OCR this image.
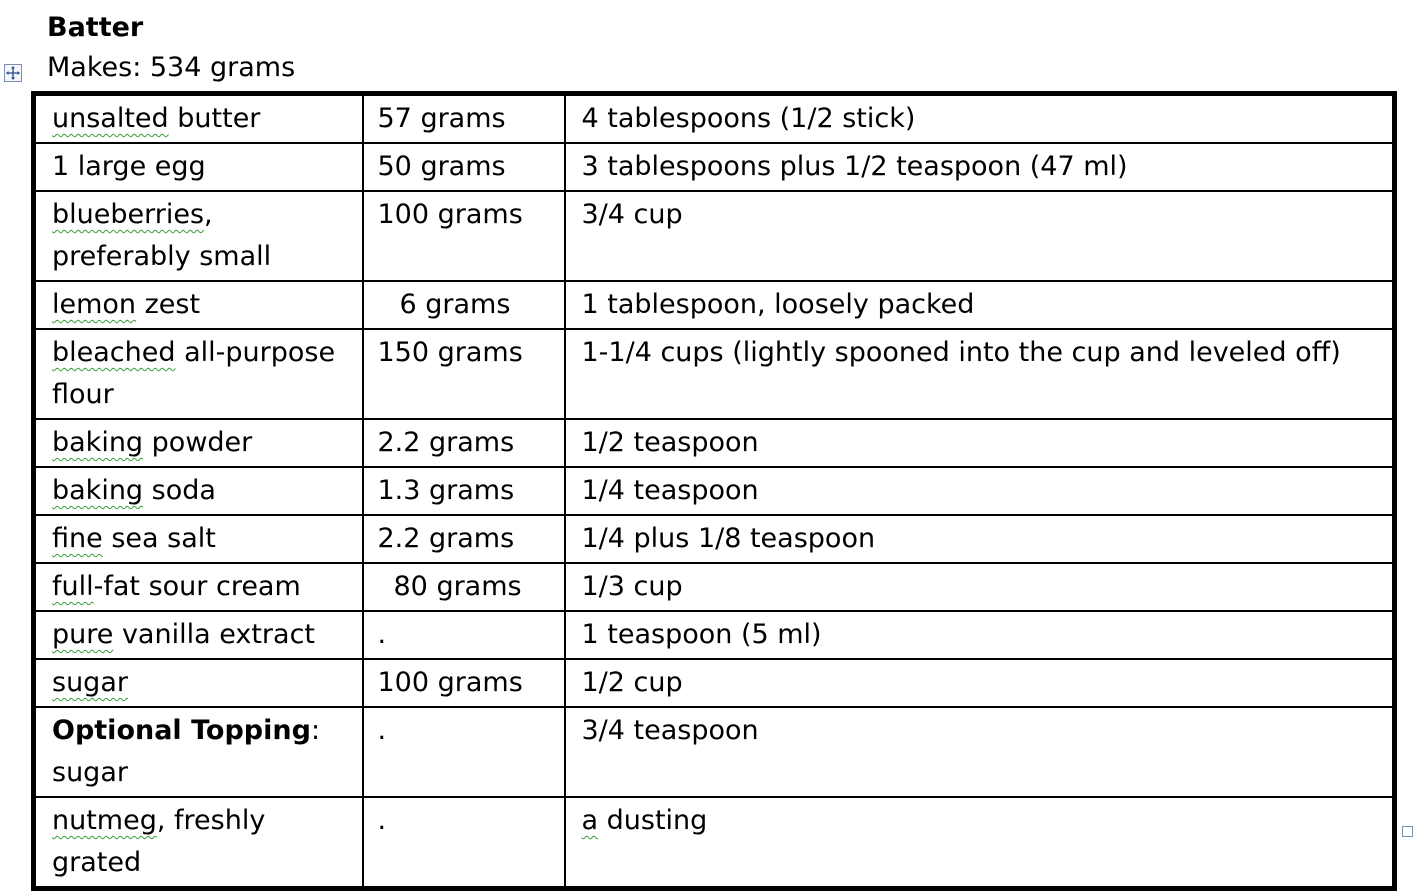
Batter
Makes: 534 grams
unsalted butter	57 grams	4 tablespoons (1/2 stick)
1 large egg	50 grams	3 tablespoons plus 1/2 teaspoon (47 ml)
blueberries, preferably small	100 grams	3/4 cup
lemon zest	6 grams	1 tablespoon, loosely packed
bleached all-purpose flour	150 grams	1-1/4 cups (lightly spooned into the cup and leveled off)
baking powder	2.2 grams	1/2 teaspoon
baking soda	1.3 grams	1/4 teaspoon
fine sea salt	2.2 grams	1/4 plus 1/8 teaspoon
full-fat sour cream	80 grams	1/3 cup
pure vanilla extract	.	1 teaspoon (5 ml)
sugar	100 grams	1/2 cup
Optional Topping: sugar	.	3/4 teaspoon
nutmeg, freshly grated	.	a dusting
